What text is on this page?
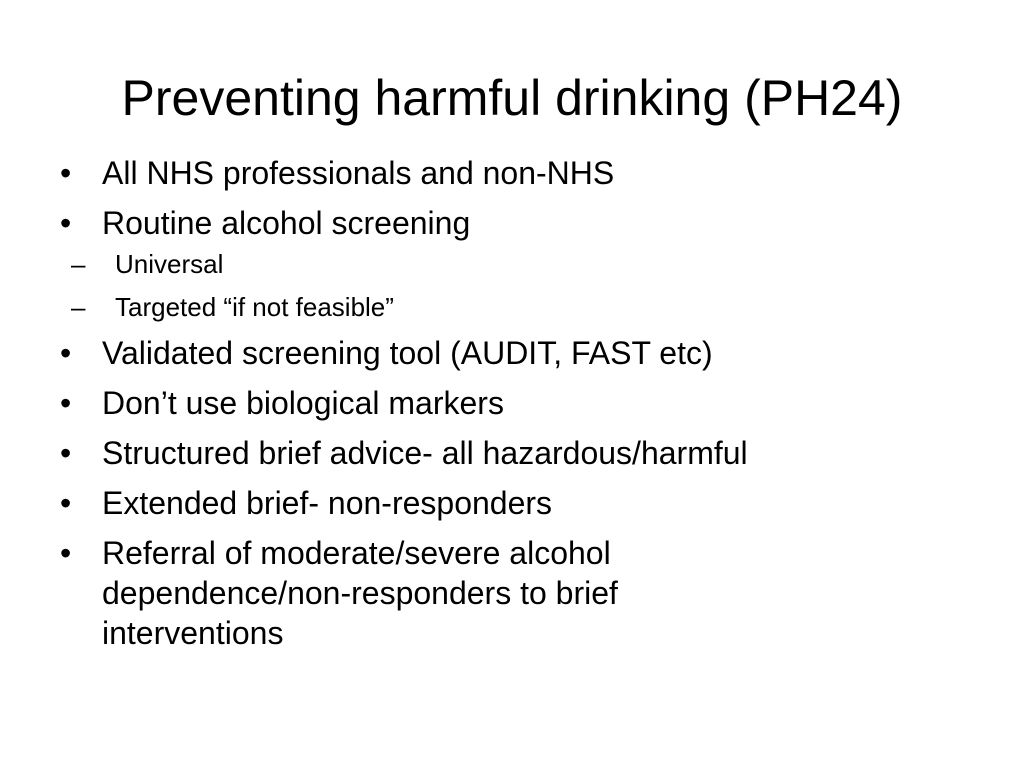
Preventing harmful drinking (PH24)
• All NHS professionals and non-NHS
• Routine alcohol screening
– Universal
– Targeted “if not feasible”
• Validated screening tool (AUDIT, FAST etc)
• Don’t use biological markers
• Structured brief advice- all hazardous/harmful
• Extended brief- non-responders
• Referral of moderate/severe alcohol dependence/non-responders to brief interventions
